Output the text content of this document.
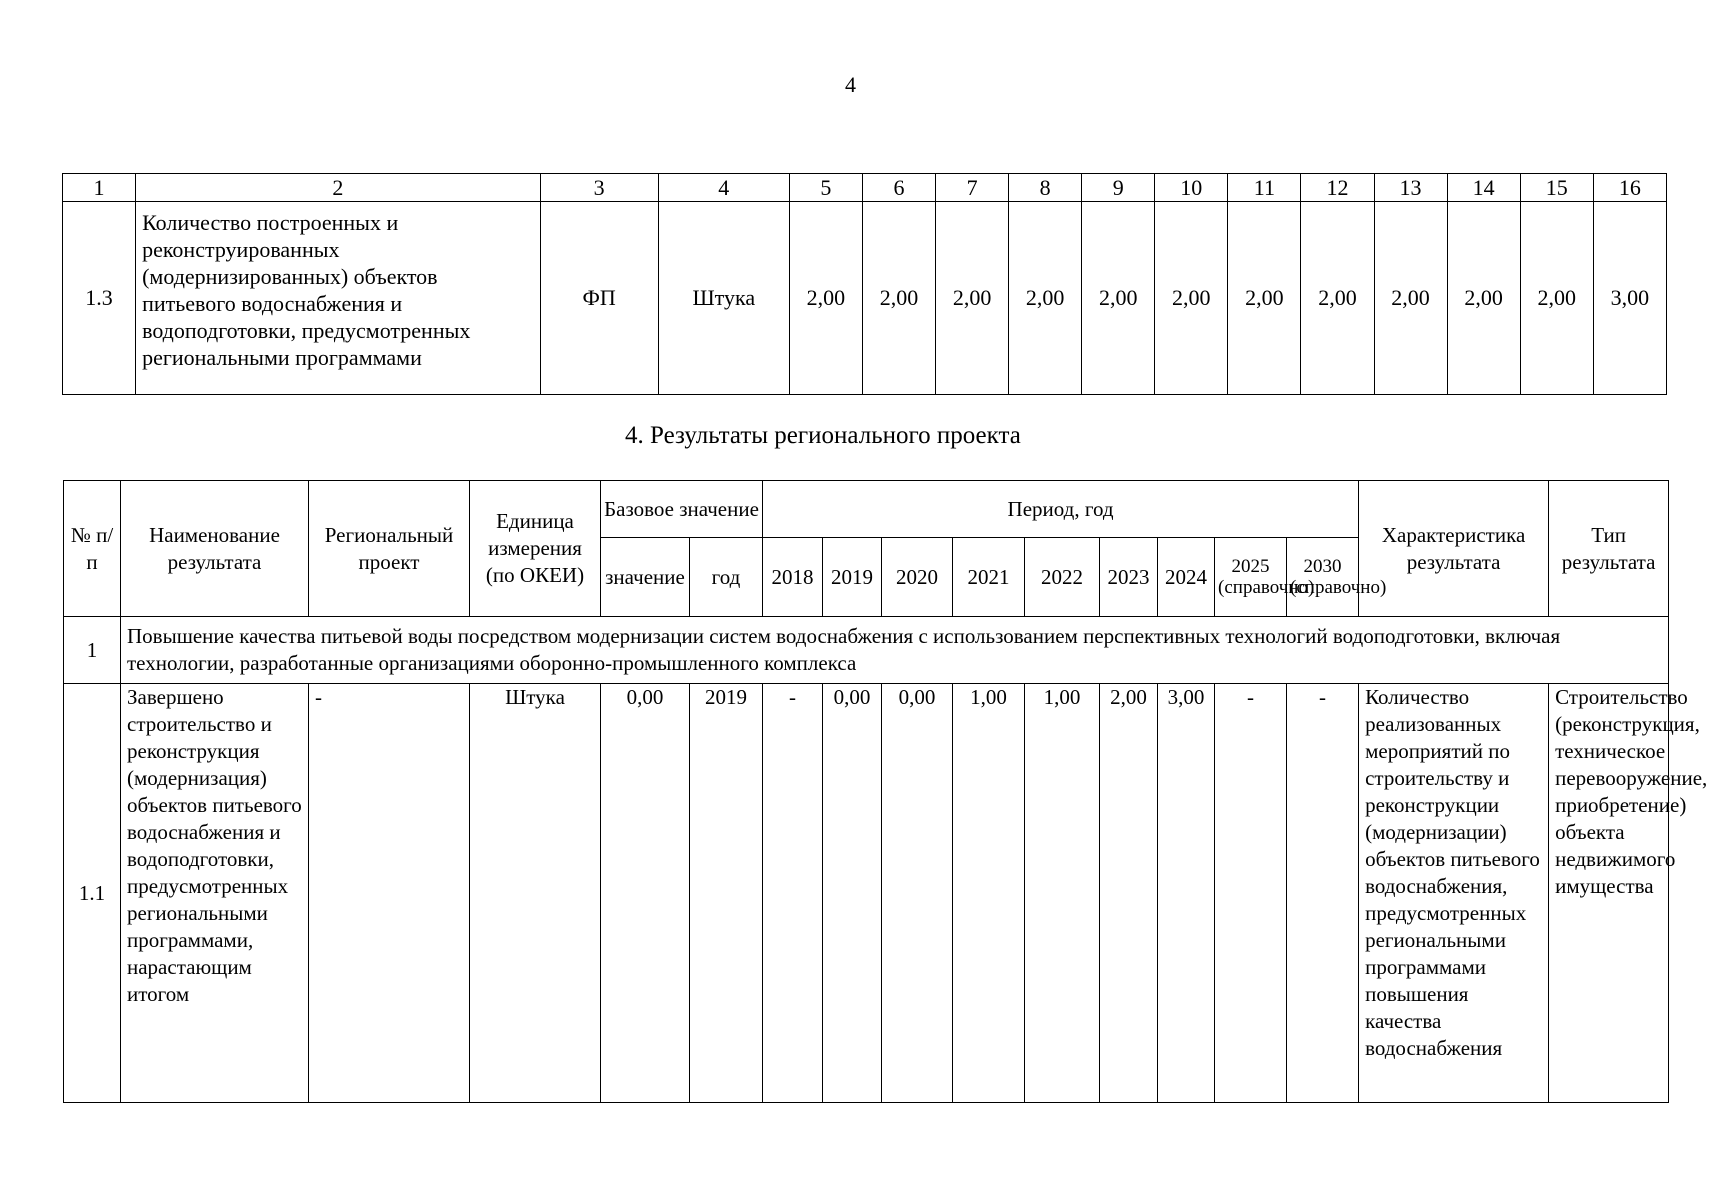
4
1	2	3	4	5	6	7	8	9	10	11	12	13	14	15	16
1.3	Количество построенных и реконструированных (модернизированных) объектов питьевого водоснабжения и водоподготовки, предусмотренных региональными программами	ФП	Штука	2,00	2,00	2,00	2,00	2,00	2,00	2,00	2,00	2,00	2,00	2,00	3,00
4. Результаты регионального проекта
№ п/п	Наименование результата	Региональный проект	Единица измерения (по ОКЕИ)	Базовое значение		Период, год									Характеристика результата	Тип результата
				значение	год	2018	2019	2020	2021	2022	2023	2024	2025 (справочно)	2030 (справочно)		
1	Повышение качества питьевой воды посредством модернизации систем водоснабжения с использованием перспективных технологий водоподготовки, включая технологии, разработанные организациями оборонно-промышленного комплекса															
1.1	Завершено строительство и реконструкция (модернизация) объектов питьевого водоснабжения и водоподготовки, предусмотренных региональными программами, нарастающим итогом	-	Штука	0,00	2019	-	0,00	0,00	1,00	1,00	2,00	3,00	-	-	Количество реализованных мероприятий по строительству и реконструкции (модернизации) объектов питьевого водоснабжения, предусмотренных региональными программами повышения качества водоснабжения	Строительство (реконструкция, техническое перевооружение, приобретение) объекта недвижимого имущества
